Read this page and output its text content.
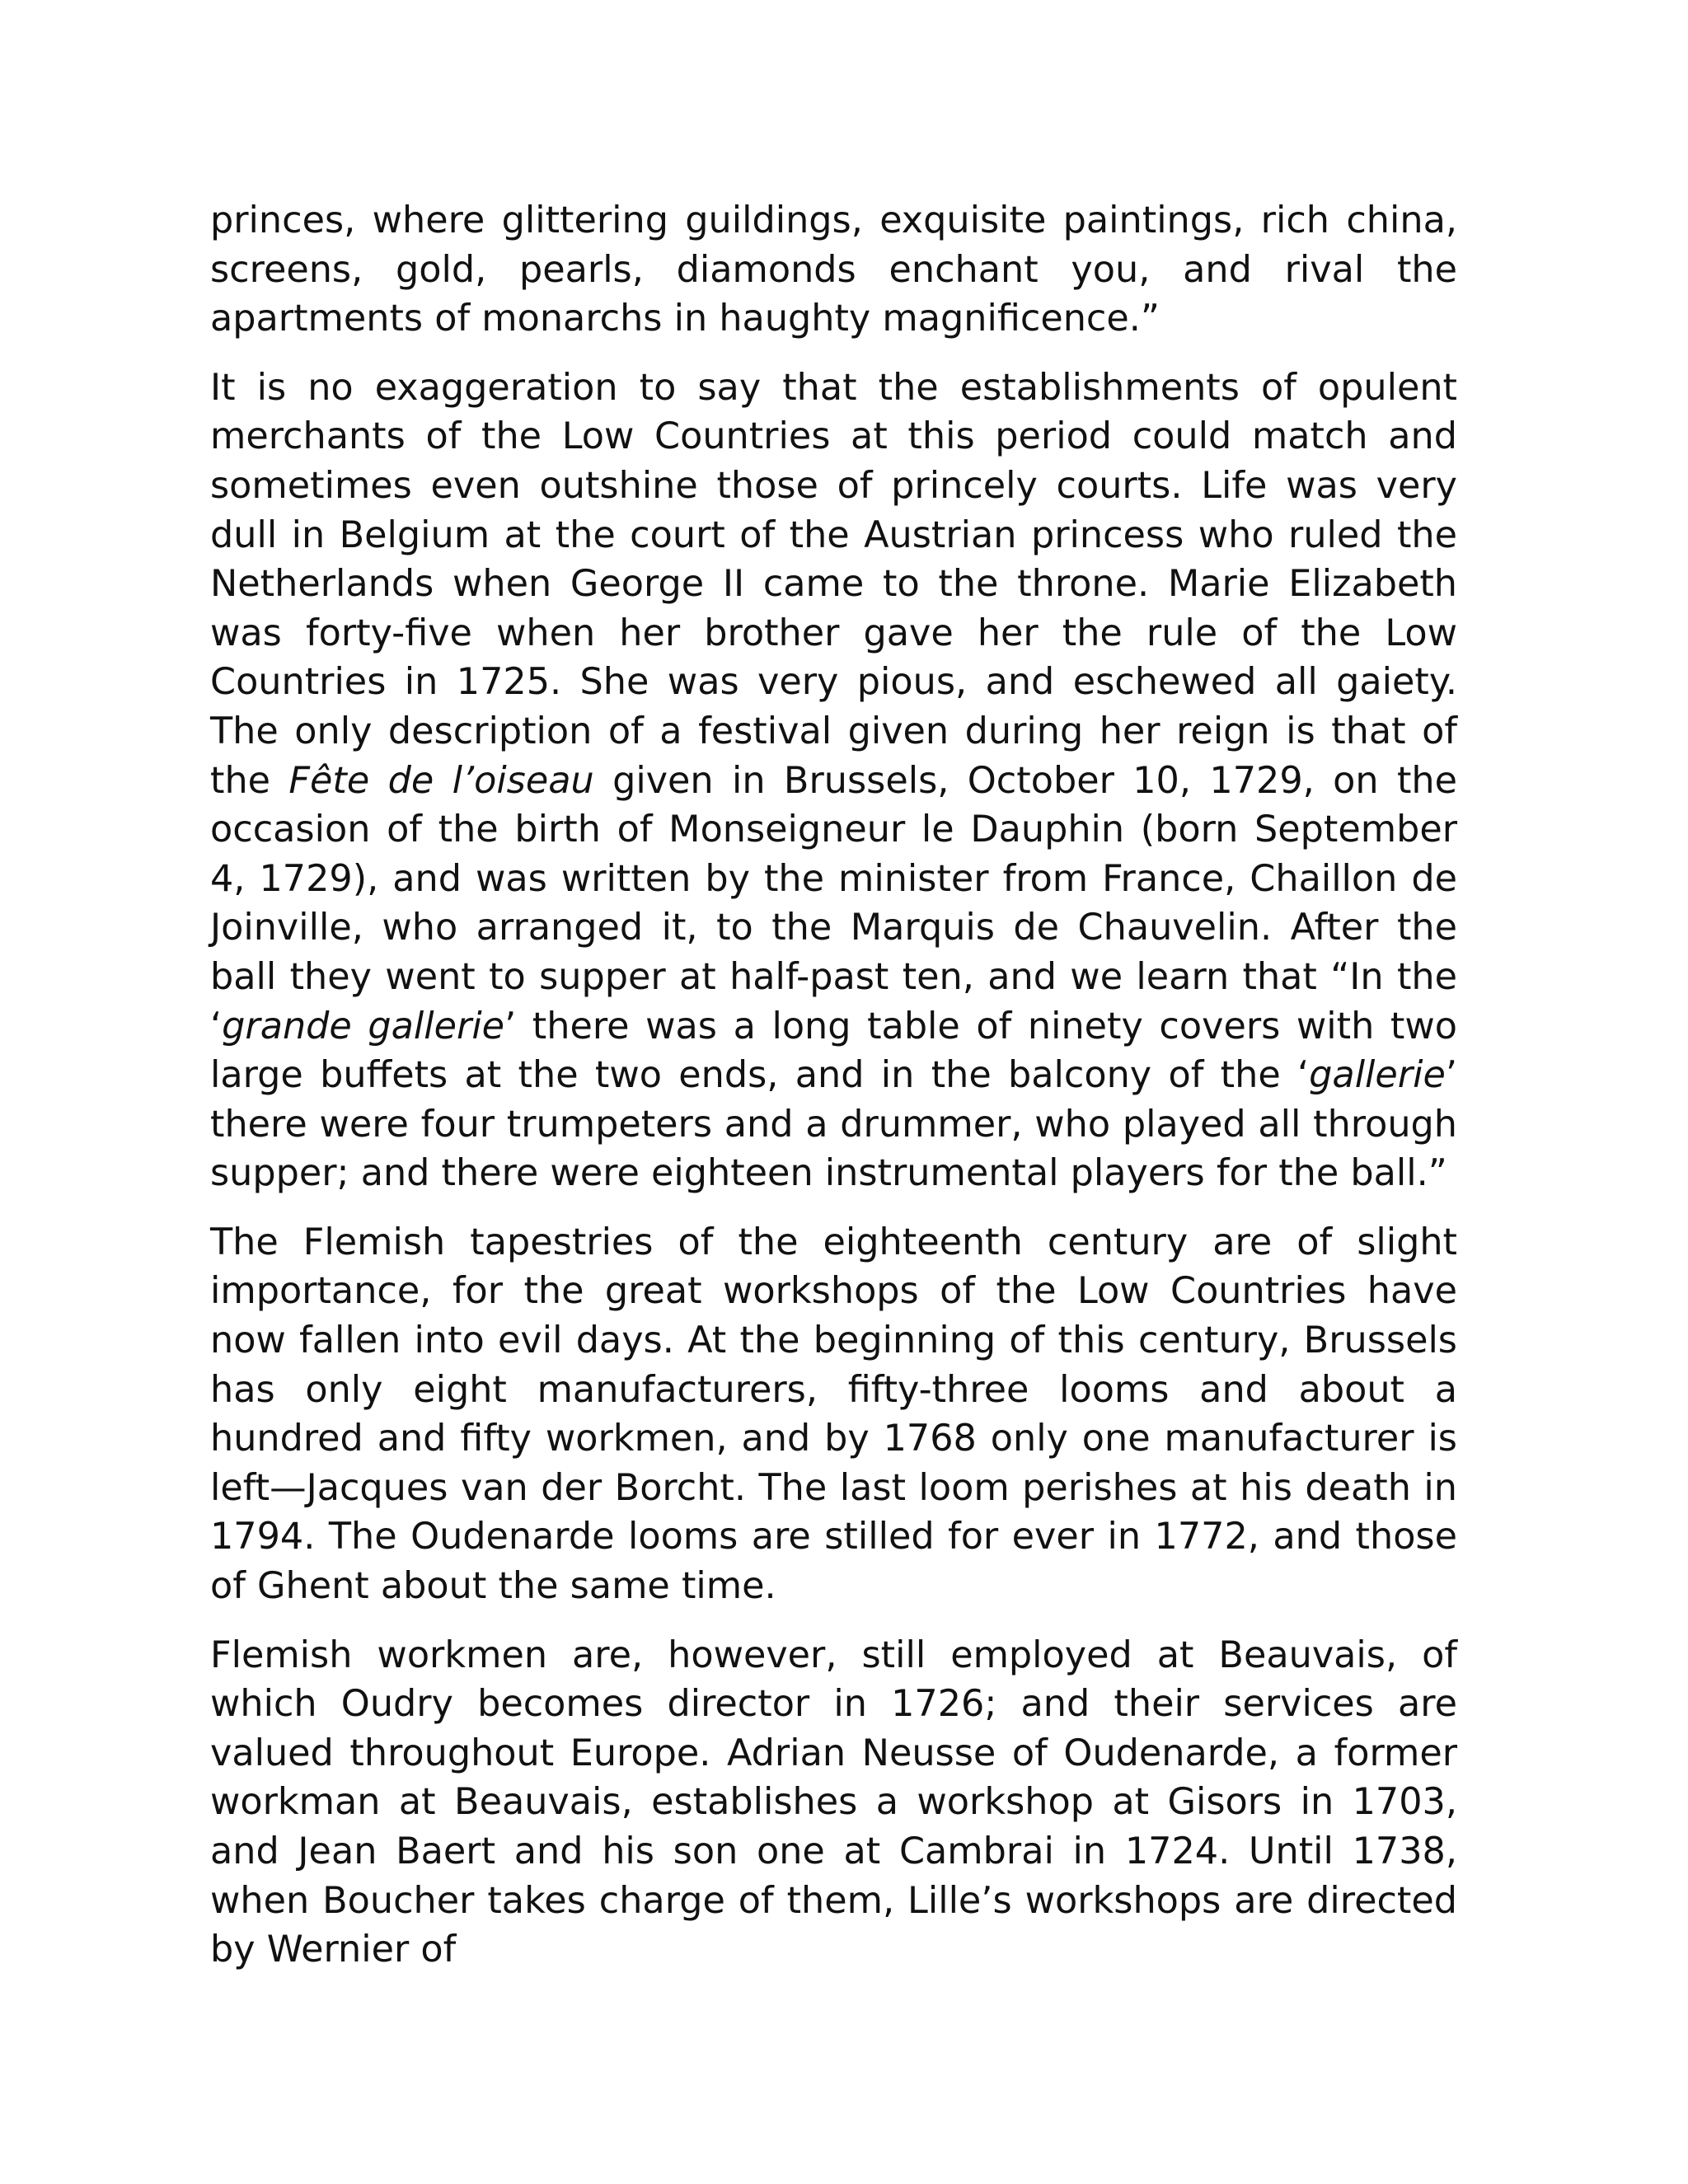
princes, where glittering guildings, exquisite paintings, rich china, screens, gold, pearls, diamonds enchant you, and rival the apartments of monarchs in haughty magnificence.”

It is no exaggeration to say that the establishments of opulent merchants of the Low Countries at this period could match and sometimes even outshine those of princely courts. Life was very dull in Belgium at the court of the Austrian princess who ruled the Netherlands when George II came to the throne. Marie Elizabeth was forty-five when her brother gave her the rule of the Low Countries in 1725. She was very pious, and eschewed all gaiety. The only description of a festival given during her reign is that of the Fête de l’oiseau given in Brussels, October 10, 1729, on the occasion of the birth of Monseigneur le Dauphin (born September 4, 1729), and was written by the minister from France, Chaillon de Joinville, who arranged it, to the Marquis de Chauvelin. After the ball they went to supper at half-past ten, and we learn that “In the ‘grande gallerie’ there was a long table of ninety covers with two large buffets at the two ends, and in the balcony of the ‘gallerie’ there were four trumpeters and a drummer, who played all through supper; and there were eighteen instrumental players for the ball.”

The Flemish tapestries of the eighteenth century are of slight importance, for the great workshops of the Low Countries have now fallen into evil days. At the beginning of this century, Brussels has only eight manufacturers, fifty-three looms and about a hundred and fifty workmen, and by 1768 only one manufacturer is left—Jacques van der Borcht. The last loom perishes at his death in 1794. The Oudenarde looms are stilled for ever in 1772, and those of Ghent about the same time.

Flemish workmen are, however, still employed at Beauvais, of which Oudry becomes director in 1726; and their services are valued throughout Europe. Adrian Neusse of Oudenarde, a former workman at Beauvais, establishes a workshop at Gisors in 1703, and Jean Baert and his son one at Cambrai in 1724. Until 1738, when Boucher takes charge of them, Lille’s workshops are directed by Wernier of
